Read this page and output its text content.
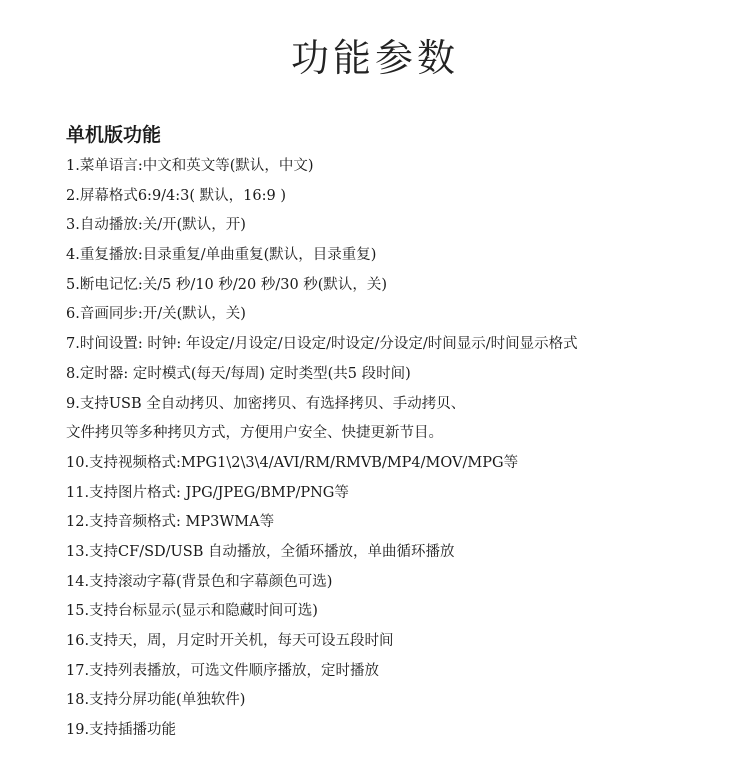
功能参数
单机版功能
1.菜单语言:中文和英文等(默认，中文)
2.屏幕格式6:9/4:3( 默认，16:9 )
3.自动播放:关/开(默认，开)
4.重复播放:目录重复/单曲重复(默认，目录重复)
5.断电记忆:关/5 秒/10 秒/20 秒/30 秒(默认，关)
6.音画同步:开/关(默认，关)
7.时间设置: 时钟: 年设定/月设定/日设定/时设定/分设定/时间显示/时间显示格式
8.定时器: 定时模式(每天/每周) 定时类型(共5 段时间)
9.支持USB 全自动拷贝、加密拷贝、有选择拷贝、手动拷贝、
文件拷贝等多种拷贝方式，方便用户安全、快捷更新节目。
10.支持视频格式:MPG1\2\3\4/AVI/RM/RMVB/MP4/MOV/MPG等
11.支持图片格式: JPG/JPEG/BMP/PNG等
12.支持音频格式: MP3WMA等
13.支持CF/SD/USB 自动播放，全循环播放，单曲循环播放
14.支持滚动字幕(背景色和字幕颜色可选)
15.支持台标显示(显示和隐藏时间可选)
16.支持天，周，月定时开关机，每天可设五段时间
17.支持列表播放，可选文件顺序播放，定时播放
18.支持分屏功能(单独软件)
19.支持插播功能
